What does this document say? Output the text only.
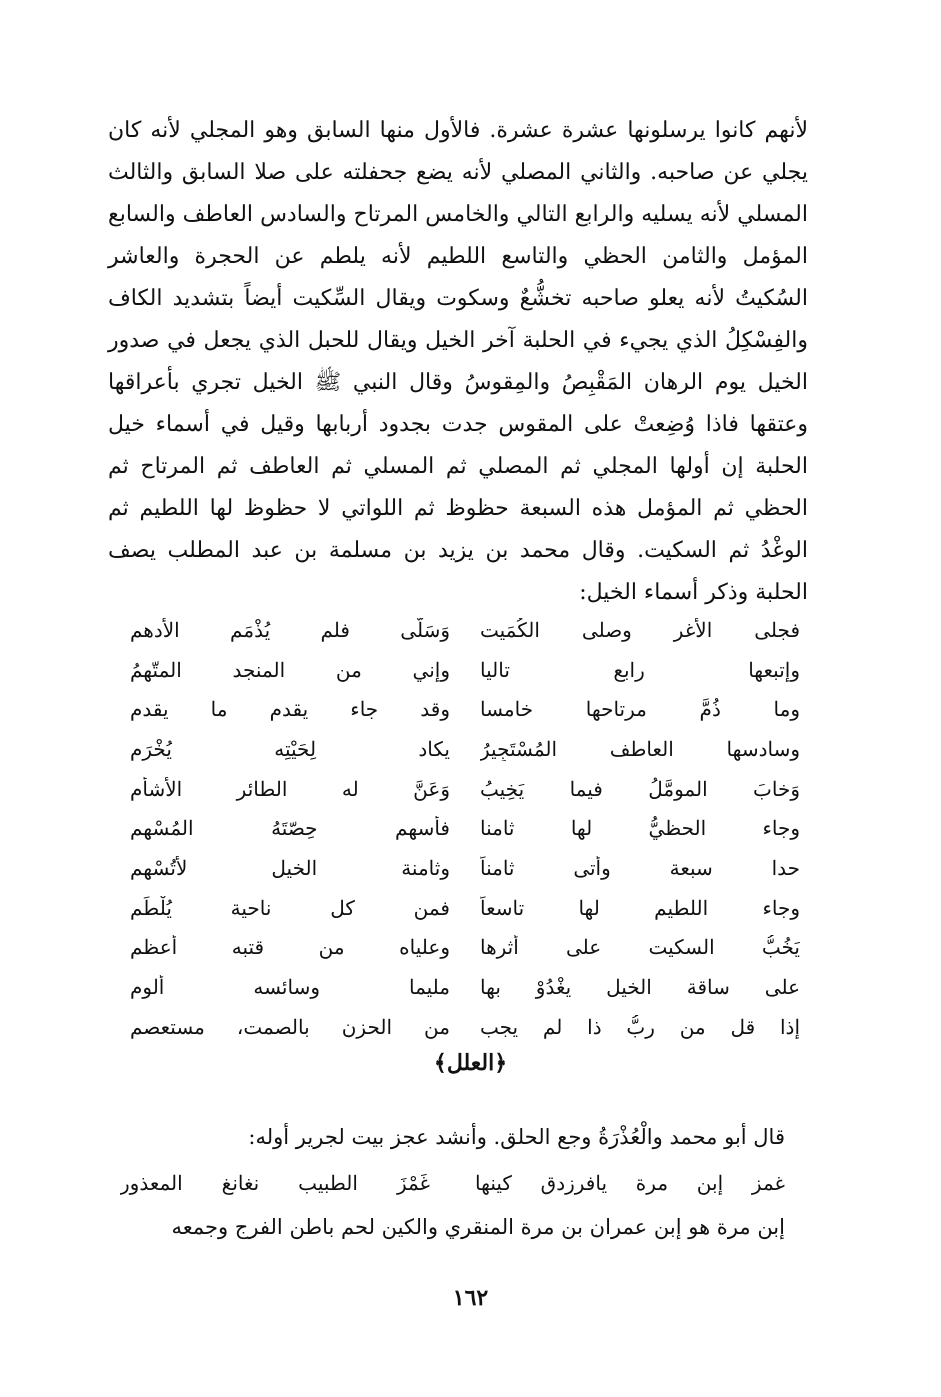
لأنهم كانوا يرسلونها عشرة عشرة. فالأول منها السابق وهو المجلي لأنه كان يجلي عن صاحبه. والثاني المصلي لأنه يضع جحفلته على صلا السابق والثالث المسلي لأنه يسليه والرابع التالي والخامس المرتاح والسادس العاطف والسابع المؤمل والثامن الحظي والتاسع اللطيم لأنه يلطم عن الحجرة والعاشر السُكيتُ لأنه يعلو صاحبه تخشُّعٌ وسكوت ويقال السِّكيت أيضاً بتشديد الكاف والفِسْكِلُ الذي يجيء في الحلبة آخر الخيل ويقال للحبل الذي يجعل في صدور الخيل يوم الرهان المَقْبِصُ والمِقوسُ وقال النبي ﷺ الخيل تجري بأعراقها وعتقها فاذا وُضِعتْ على المقوس جدت بجدود أربابها وقيل في أسماء خيل الحلبة إن أولها المجلي ثم المصلي ثم المسلي ثم العاطف ثم المرتاح ثم الحظي ثم المؤمل هذه السبعة حظوظ ثم اللواتي لا حظوظ لها اللطيم ثم الوغْدُ ثم السكيت. وقال محمد بن يزيد بن مسلمة بن عبد المطلب يصف الحلبة وذكر أسماء الخيل:

فجلى الأغر وصلى الكُمَيت
وَسَلّى فلم يُذْمَمِ الأدهم
وإتبعها رابع تاليا
وإني من المنجد المتّهِمُ
وما ذُمَّ مرتاحها خامسا
وقد جاء يقدم ما يقدم
وسادسها العاطف المُسْتَجِيرُ
يكاد لِحَيْتِه يُخْرَم
وَخابَ المومَّلُ فيما يَخِيبُ
وَعَنَّ له الطائر الأشأم
وجاء الحظيُّ لها ثامنا
فأسهم حِصّتَهُ المُسْهِم
حدا سبعة وأتى ثامناً
وثامنة الخيل لأتُسْهم
وجاء اللطيم لها تاسعاً
فمن كل ناحية يُلْطَم
يَخُبُّ السكيت على أثرها
وعلياه من قتبه أعظم
على ساقة الخيل يغْدُوْ بها
مليما وسائسه ألوم
إذا قل من ربُّ ذا لم يجب
من الحزن بالصمت، مستعصم
﴿العلل﴾

قال أبو محمد والْعُذْرَةُ وجع الحلق. وأنشد عجز بيت لجرير أوله:

غمز إبن مرة يافرزدق كينها
غَمْزَ الطبيب نغانغ المعذور

إبن مرة هو إبن عمران بن مرة المنقري والكين لحم باطن الفرج وجمعه

١٦٢
